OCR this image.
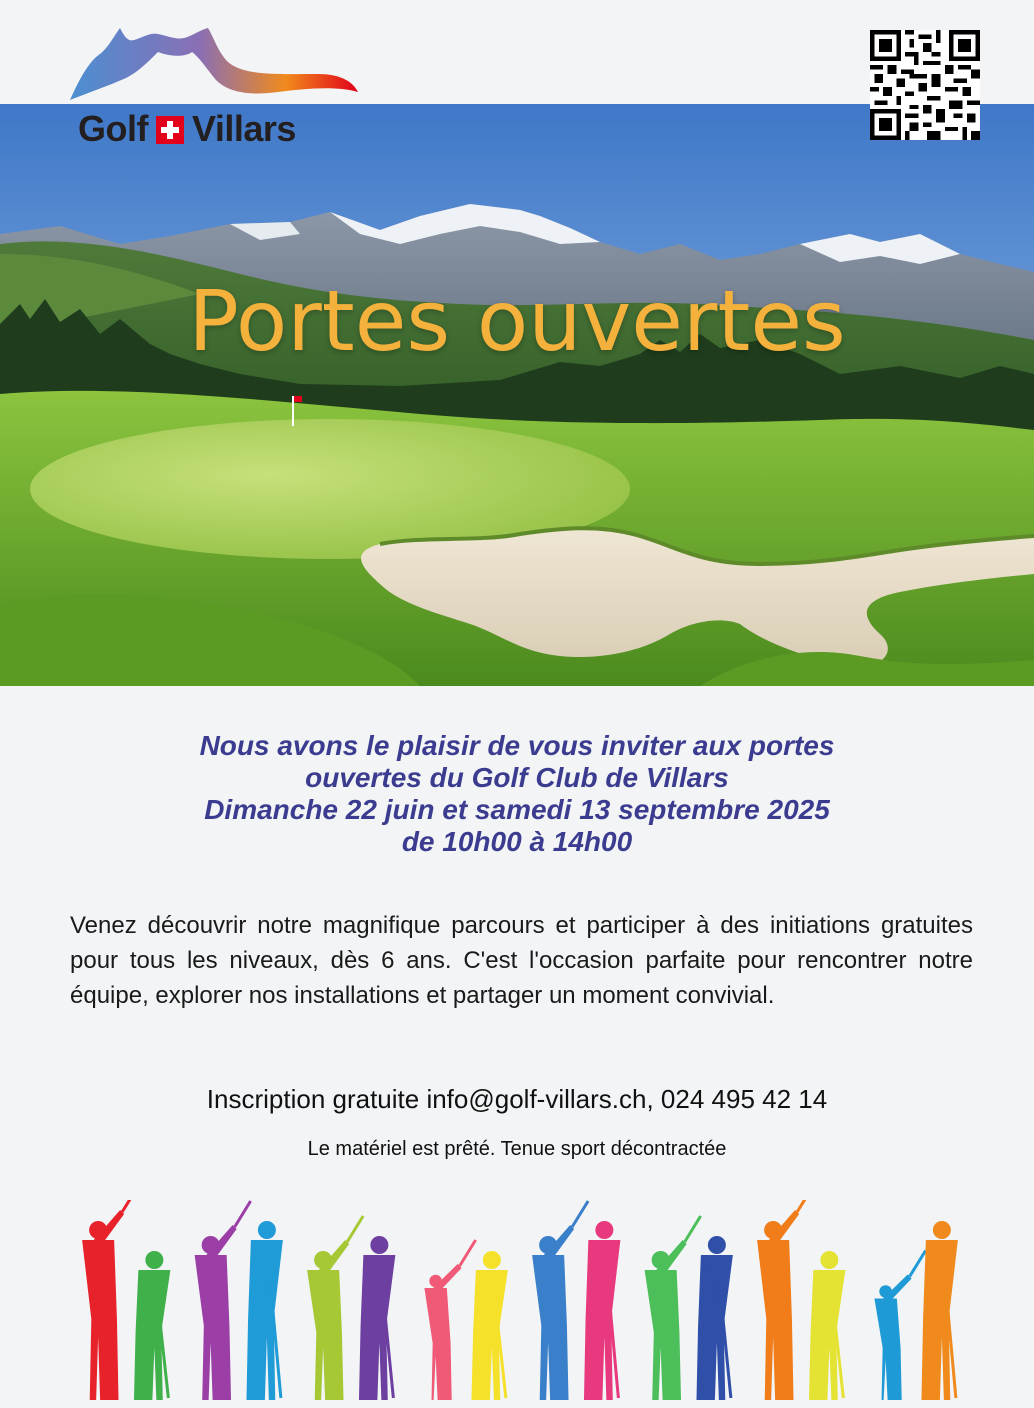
Golf Villars
Portes ouvertes
Nous avons le plaisir de vous inviter aux portes
ouvertes du Golf Club de Villars
Dimanche 22 juin et samedi 13 septembre 2025
de 10h00 à 14h00
Venez découvrir notre magnifique parcours et participer à des initiations gratuites pour tous les niveaux, dès 6 ans. C'est l'occasion parfaite pour rencontrer notre équipe, explorer nos installations et partager un moment convivial.
Inscription gratuite info@golf-villars.ch, 024 495 42 14
Le matériel est prêté. Tenue sport décontractée
